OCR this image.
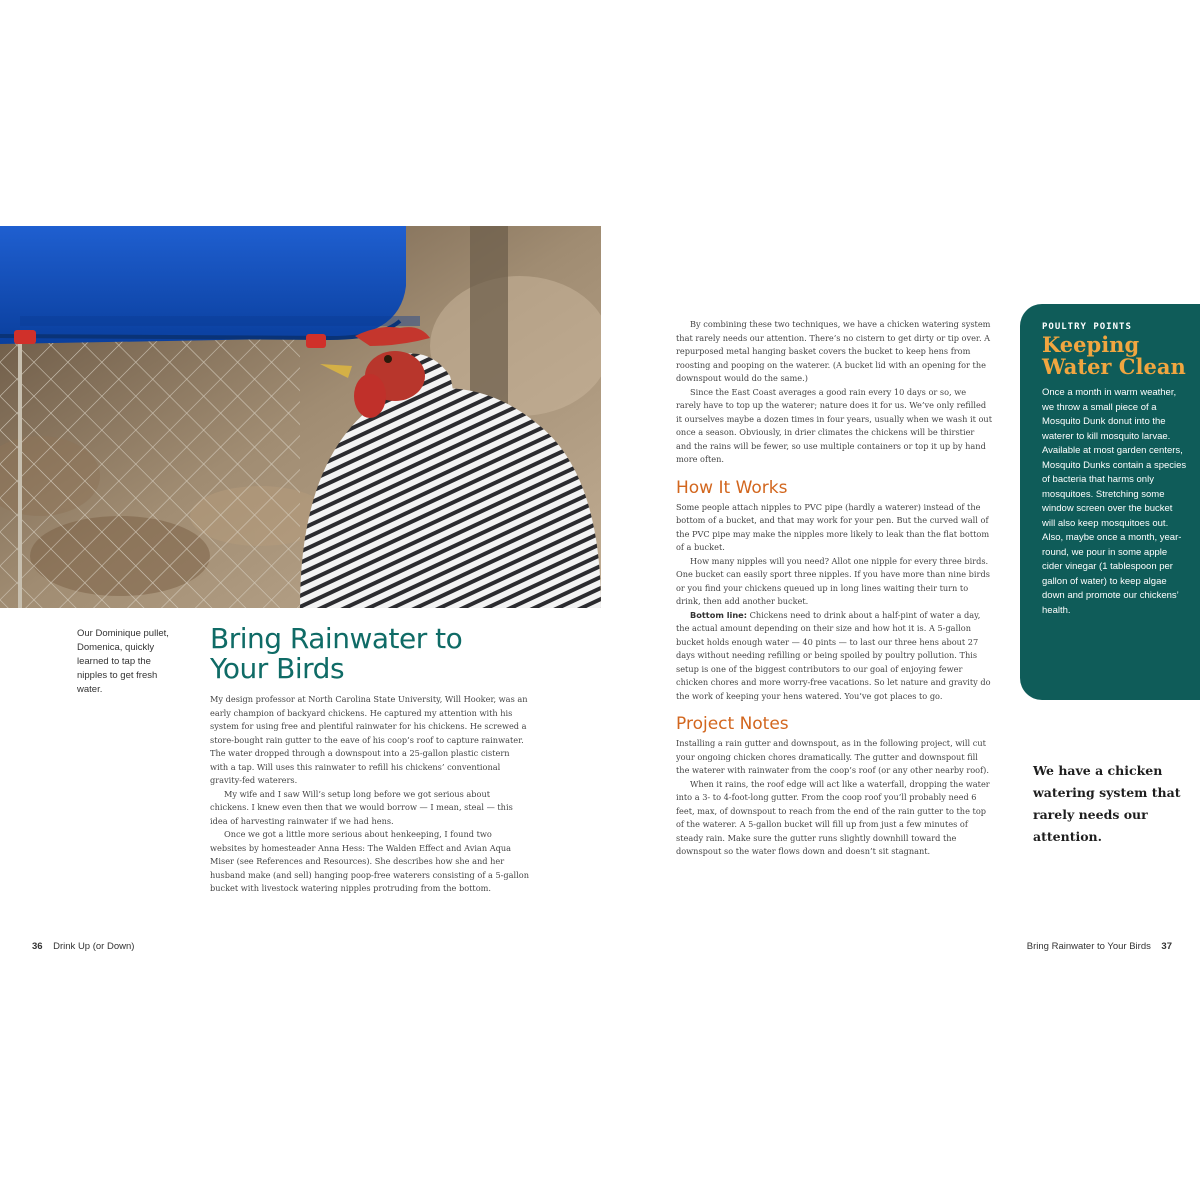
Our Dominique pullet, Domenica, quickly learned to tap the nipples to get fresh water.
Bring Rainwater to Your Birds

My design professor at North Carolina State University, Will Hooker, was an early champion of backyard chickens. He captured my attention with his system for using free and plentiful rainwater for his chickens. He screwed a store-bought rain gutter to the eave of his coop’s roof to capture rainwater. The water dropped through a downspout into a 25-gallon plastic cistern with a tap. Will uses this rainwater to refill his chickens’ conventional gravity-fed waterers.

My wife and I saw Will’s setup long before we got serious about chickens. I knew even then that we would borrow — I mean, steal — this idea of harvesting rainwater if we had hens.

Once we got a little more serious about henkeeping, I found two websites by homesteader Anna Hess: The Walden Effect and Avian Aqua Miser (see References and Resources). She describes how she and her husband make (and sell) hanging poop-free waterers consisting of a 5-gallon bucket with livestock watering nipples protruding from the bottom.

36 Drink Up (or Down)

By combining these two techniques, we have a chicken watering system that rarely needs our attention. There’s no cistern to get dirty or tip over. A repurposed metal hanging basket covers the bucket to keep hens from roosting and pooping on the waterer. (A bucket lid with an opening for the downspout would do the same.)

Since the East Coast averages a good rain every 10 days or so, we rarely have to top up the waterer; nature does it for us. We’ve only refilled it ourselves maybe a dozen times in four years, usually when we wash it out once a season. Obviously, in drier climates the chickens will be thirstier and the rains will be fewer, so use multiple containers or top it up by hand more often.

How It Works

Some people attach nipples to PVC pipe (hardly a waterer) instead of the bottom of a bucket, and that may work for your pen. But the curved wall of the PVC pipe may make the nipples more likely to leak than the flat bottom of a bucket.

How many nipples will you need? Allot one nipple for every three birds. One bucket can easily sport three nipples. If you have more than nine birds or you find your chickens queued up in long lines waiting their turn to drink, then add another bucket.

Bottom line: Chickens need to drink about a half-pint of water a day, the actual amount depending on their size and how hot it is. A 5-gallon bucket holds enough water — 40 pints — to last our three hens about 27 days without needing refilling or being spoiled by poultry pollution. This setup is one of the biggest contributors to our goal of enjoying fewer chicken chores and more worry-free vacations. So let nature and gravity do the work of keeping your hens watered. You’ve got places to go.

Project Notes

Installing a rain gutter and downspout, as in the following project, will cut your ongoing chicken chores dramatically. The gutter and downspout fill the waterer with rainwater from the coop’s roof (or any other nearby roof).

When it rains, the roof edge will act like a waterfall, dropping the water into a 3- to 4-foot-long gutter. From the coop roof you’ll probably need 6 feet, max, of downspout to reach from the end of the rain gutter to the top of the waterer. A 5-gallon bucket will fill up from just a few minutes of steady rain. Make sure the gutter runs slightly downhill toward the downspout so the water flows down and doesn’t sit stagnant.

POULTRY POINTS
Keeping Water Clean

Once a month in warm weather, we throw a small piece of a Mosquito Dunk donut into the waterer to kill mosquito larvae. Available at most garden centers, Mosquito Dunks contain a species of bacteria that harms only mosquitoes. Stretching some window screen over the bucket will also keep mosquitoes out. Also, maybe once a month, year-round, we pour in some apple cider vinegar (1 tablespoon per gallon of water) to keep algae down and promote our chickens’ health.

We have a chicken watering system that rarely needs our attention.

Bring Rainwater to Your Birds 37
